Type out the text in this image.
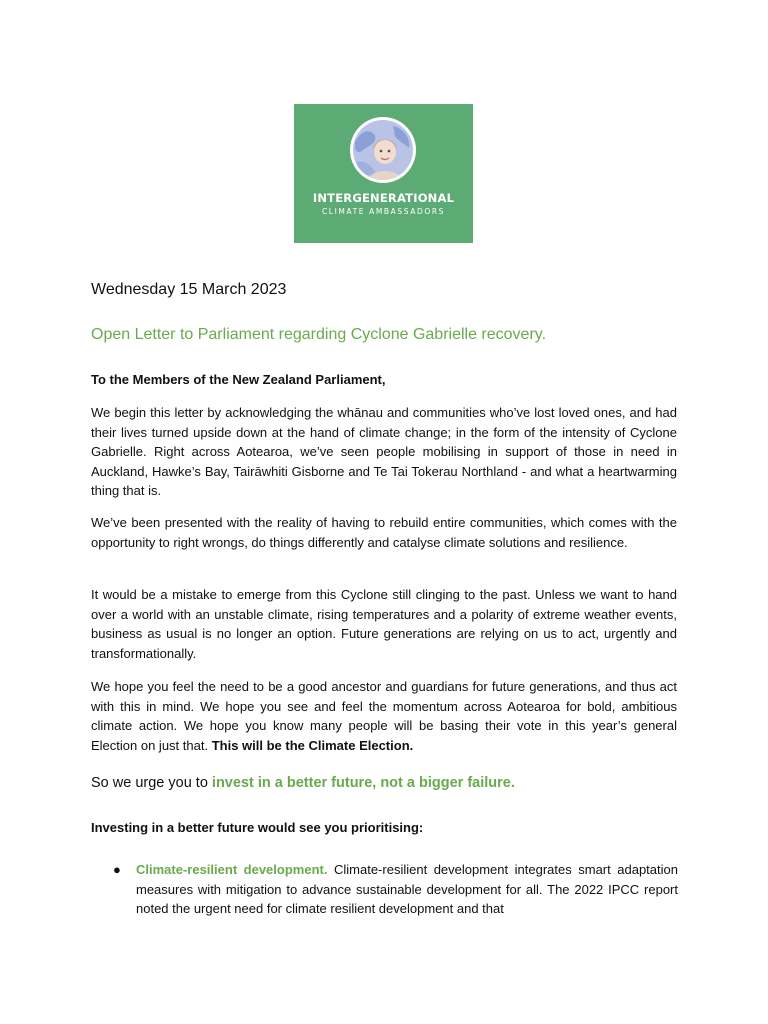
INTERGENERATIONAL
CLIMATE AMBASSADORS
Wednesday 15 March 2023
Open Letter to Parliament regarding Cyclone Gabrielle recovery.
To the Members of the New Zealand Parliament,

We begin this letter by acknowledging the whānau and communities who’ve lost loved ones, and had their lives turned upside down at the hand of climate change; in the form of the intensity of Cyclone Gabrielle. Right across Aotearoa, we’ve seen people mobilising in support of those in need in Auckland, Hawke’s Bay, Tairāwhiti Gisborne and Te Tai Tokerau Northland - and what a heartwarming thing that is.

We’ve been presented with the reality of having to rebuild entire communities, which comes with the opportunity to right wrongs, do things differently and catalyse climate solutions and resilience.

It would be a mistake to emerge from this Cyclone still clinging to the past. Unless we want to hand over a world with an unstable climate, rising temperatures and a polarity of extreme weather events, business as usual is no longer an option. Future generations are relying on us to act, urgently and transformationally.

We hope you feel the need to be a good ancestor and guardians for future generations, and thus act with this in mind. We hope you see and feel the momentum across Aotearoa for bold, ambitious climate action. We hope you know many people will be basing their vote in this year’s general Election on just that. This will be the Climate Election.

So we urge you to invest in a better future, not a bigger failure.
Investing in a better future would see you prioritising:
● Climate-resilient development. Climate-resilient development integrates smart adaptation measures with mitigation to advance sustainable development for all. The 2022 IPCC report noted the urgent need for climate resilient development and that
